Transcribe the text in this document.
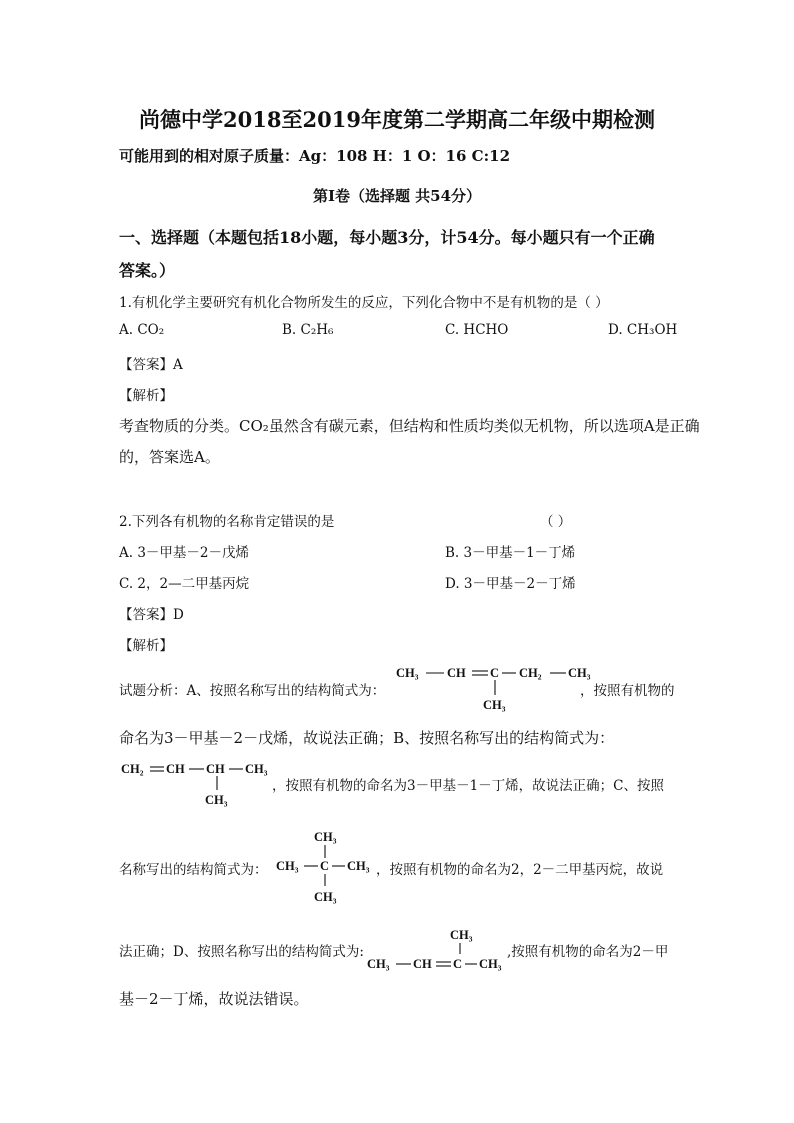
尚德中学2018至2019年度第二学期高二年级中期检测
可能用到的相对原子质量：Ag：108 H：1 O：16 C:12
第Ⅰ卷（选择题 共54分）
一、选择题（本题包括18小题，每小题3分，计54分。每小题只有一个正确
答案。）
1.有机化学主要研究有机化合物所发生的反应，下列化合物中不是有机物的是（ ）
A. CO₂	B. C₂H₆	C. HCHO	D. CH₃OH
【答案】A
【解析】
考查物质的分类。CO₂虽然含有碳元素，但结构和性质均类似无机物，所以选项A是正确
的，答案选A。
2.下列各有机物的名称肯定错误的是	（ ）
A. 3－甲基－2－戊烯	B. 3－甲基－1－丁烯
C. 2，2—二甲基丙烷	D. 3－甲基－2－丁烯
【答案】D
【解析】
试题分析：A、按照名称写出的结构简式为：
CH₃ CH C CH₂ CH₃
CH₃
，按照有机物的
命名为3－甲基－2－戊烯，故说法正确；B、按照名称写出的结构简式为：
CH₂ CH CH CH₃
CH₃
，按照有机物的命名为3－甲基－1－丁烯，故说法正确；C、按照
名称写出的结构简式为：
CH₃
CH₃ C CH₃
CH₃
，按照有机物的命名为2，2－二甲基丙烷，故说
法正确；D、按照名称写出的结构简式为:
CH₃
CH₃ CH C CH₃
,按照有机物的命名为2－甲
基－2－丁烯，故说法错误。
